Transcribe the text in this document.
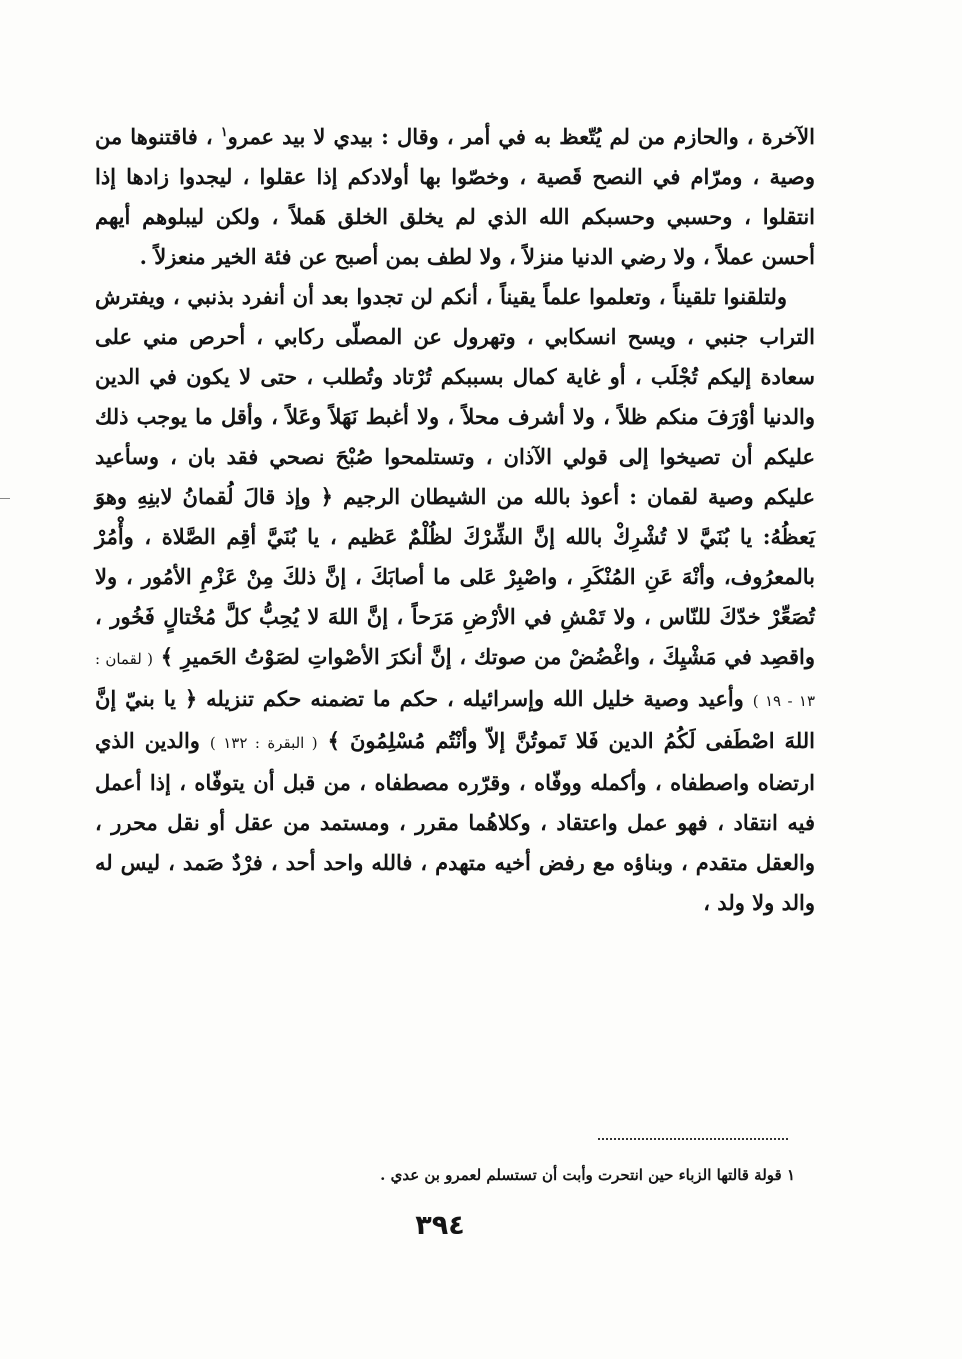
الآخرة ، والحازم من لم يُتّعظ به في أمر ، وقال : بيدي لا بيد عمرو$^١$ ، فاقتنوها من وصية ، ومرّام في النصح قَصية ، وخصّوا بها أولادكم إذا عقلوا ، ليجدوا زادها إذا انتقلوا ، وحسبي وحسبكم الله الذي لم يخلق الخلق هَملاً ، ولكن ليبلوهم أيهم أحسن عملاً ، ولا رضي الدنيا منزلاً ، ولا لطف بمن أصبح عن فئة الخير منعزلاً .

ولتلقنوا تلقيناً ، وتعلموا علماً يقيناً ، أنكم لن تجدوا بعد أن أنفرد بذنبي ، ويفترش التراب جنبي ، ويسح انسكابي ، وتهرول عن المصلّى ركابي ، أحرص مني على سعادة إليكم تُجْلَب ، أو غاية كمال بسببكم تُرْتاد وتُطلب ، حتى لا يكون في الدين والدنيا أوْرَفَ منكم ظلاً ، ولا أشرف محلاً ، ولا أغبط نَهَلاً وعَلاً ، وأقل ما يوجب ذلك عليكم أن تصيخوا إلى قولي الآذان ، وتستلمحوا صُبْحَ نصحي فقد بان ، وسأعيد عليكم وصية لقمان : أعوذ بالله من الشيطان الرجيم ﴿ وإذ قالَ لُقمانُ لابنِهِ وهوَ يَعظُهُ: يا بُنَيَّ لا تُشْرِكْ بالله إنَّ الشِّرْكَ لظُلْمٌ عَظيم ، يا بُنَيَّ أقِم الصَّلاة ، وأْمُرْ بالمعرُوف، وأنْهَ عَنِ المُنْكَرِ ، واصْبِرْ عَلى ما أصابَكَ ، إنَّ ذلكَ مِنْ عَزْمِ الأمُور ، ولا تُصَعِّرْ خدّكَ للنّاس ، ولا تَمْشِ في الأرْضِ مَرَحاً ، إنَّ اللهَ لا يُحِبُّ كلَّ مُخْتالٍ فَخُور ، واقصِد في مَشْيِكَ ، واغْضُضْ من صوتك ، إنَّ أنكرَ الأصْواتِ لصَوْتُ الحَميرِ ﴾ ( لقمان : ١٣ - ١٩ ) وأعيد وصية خليل الله وإسرائيله ، حكم ما تضمنه حكم تنزيله ﴿ يا بنيّ إنَّ اللهَ اصْطَفى لَكُمُ الدين فَلا تَموتُنَّ إلاّ وأنْتُم مُسْلِمُونَ ﴾ ( البقرة : ١٣٢ ) والدين الذي ارتضاه واصطفاه ، وأكمله ووفّاه ، وقرّره مصطفاه ، من قبل أن يتوفّاه ، إذا أعمل فيه انتقاد ، فهو عمل واعتقاد ، وكلاهُما مقرر ، ومستمد من عقل أو نقل محرر ، والعقل متقدم ، وبناؤه مع رفض أخيه متهدم ، فالله واحد أحد ، فرْدٌ صَمد ، ليس له والد ولا ولد ،

١ قولة قالتها الزباء حين انتحرت وأبت أن تستسلم لعمرو بن عدي .
٣٩٤
